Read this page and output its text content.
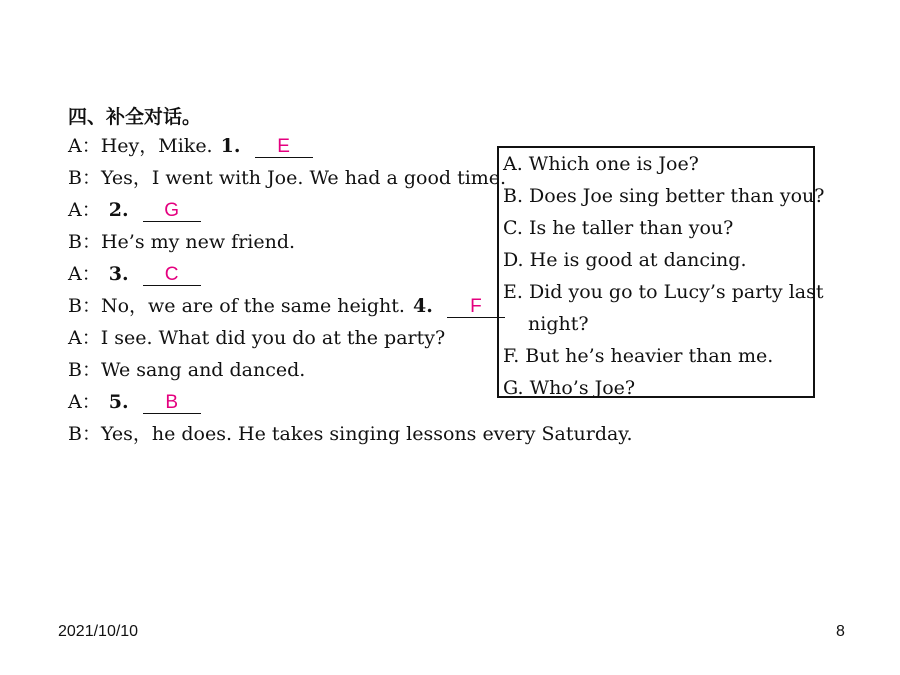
四、补全对话。
A：Hey，Mike. 1. E
B：Yes，I went with Joe. We had a good time.
A： 2. G
B：He’s my new friend.
A： 3. C
B：No，we are of the same height. 4. F
A：I see. What did you do at the party?
B：We sang and danced.
A： 5. B
B：Yes，he does. He takes singing lessons every Saturday.
A. Which one is Joe?
B. Does Joe sing better than you?
C. Is he taller than you?
D. He is good at dancing.
E. Did you go to Lucy’s party last
night?
F. But he’s heavier than me.
G. Who’s Joe?
2021/10/10	8
